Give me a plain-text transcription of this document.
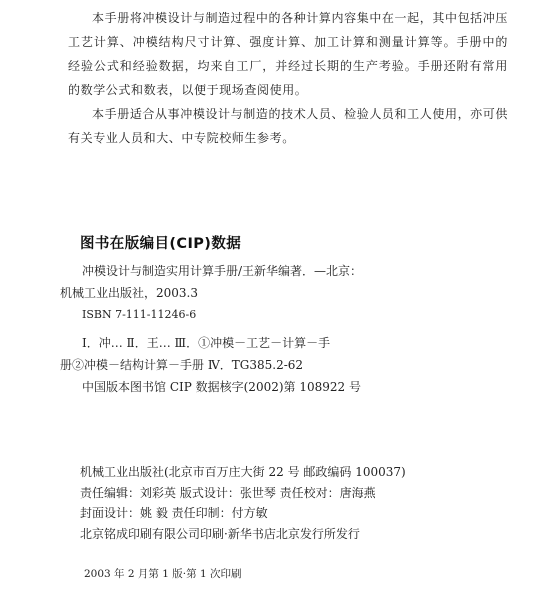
本手册将冲模设计与制造过程中的各种计算内容集中在一起，其中包括冲压工艺计算、冲模结构尺寸计算、强度计算、加工计算和测量计算等。手册中的经验公式和经验数据，均来自工厂，并经过长期的生产考验。手册还附有常用的数学公式和数表，以便于现场查阅使用。

本手册适合从事冲模设计与制造的技术人员、检验人员和工人使用，亦可供有关专业人员和大、中专院校师生参考。

图书在版编目(CIP)数据
冲模设计与制造实用计算手册/王新华编著．—北京：
机械工业出版社，2003.3
ISBN 7-111-11246-6
Ⅰ．冲… Ⅱ．王… Ⅲ．①冲模－工艺－计算－手
册②冲模－结构计算－手册 Ⅳ．TG385.2-62
中国版本图书馆 CIP 数据核字(2002)第 108922 号
机械工业出版社(北京市百万庄大街 22 号 邮政编码 100037)
责任编辑：刘彩英 版式设计：张世琴 责任校对：唐海燕
封面设计：姚 毅 责任印制：付方敏
北京铭成印刷有限公司印刷·新华书店北京发行所发行
2003 年 2 月第 1 版·第 1 次印刷
